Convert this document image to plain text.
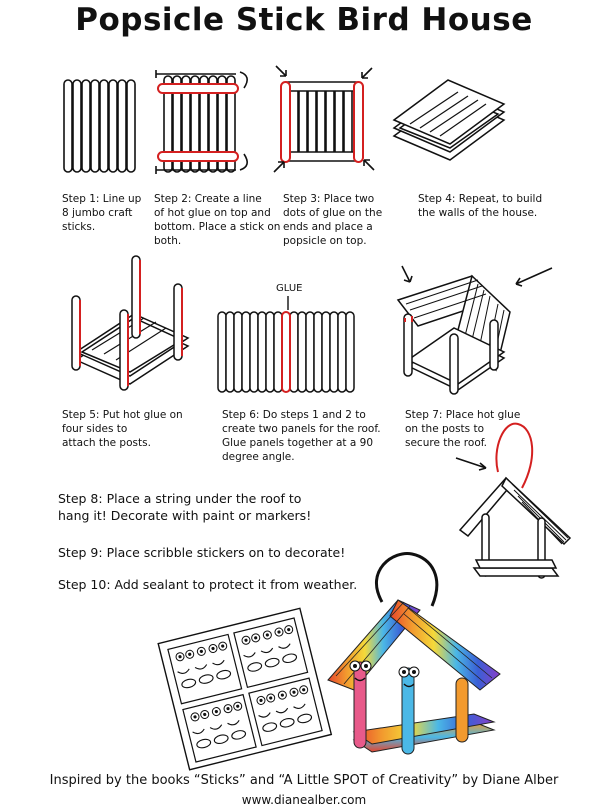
Popsicle Stick Bird House
Step 1: Line up
8 jumbo craft
sticks.
Step 2: Create a line
of hot glue on top and
bottom. Place a stick on
both.
Step 3: Place two
dots of glue on the
ends and place a
popsicle on top.
Step 4: Repeat, to build
the walls of the house.
Step 5: Put hot glue on
four sides to
attach the posts.
GLUE
Step 6: Do steps 1 and 2 to
create two panels for the roof.
Glue panels together at a 90
degree angle.
Step 7: Place hot glue
on the posts to
secure the roof.
Step 8: Place a string under the roof to
hang it! Decorate with paint or markers!
Step 9: Place scribble stickers on to decorate!
Step 10: Add sealant to protect it from weather.
Inspired by the books “Sticks” and “A Little SPOT of Creativity” by Diane Alber
www.dianealber.com
